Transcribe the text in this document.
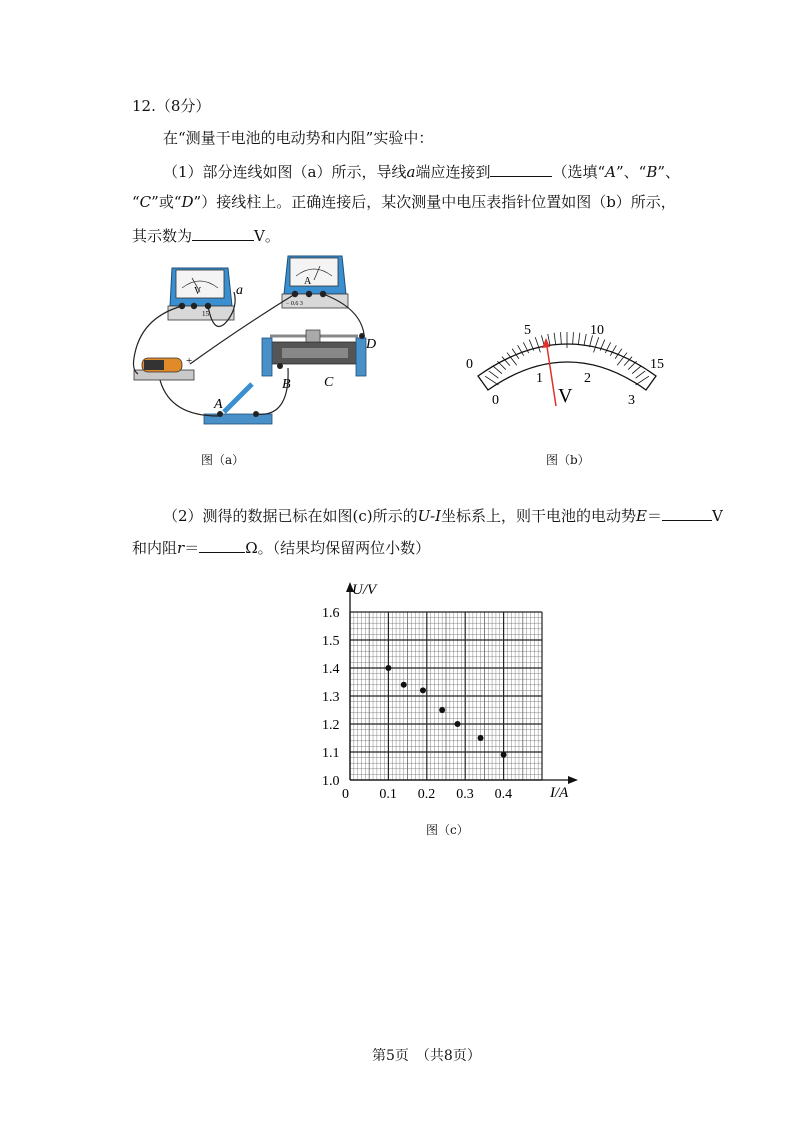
12.（8分）
在“测量干电池的电动势和内阻”实验中：
（1）部分连线如图（a）所示，导线a端应连接到	（选填“A”、“B”、
“C”或“D”）接线柱上。正确连接后，某次测量中电压表指针位置如图（b）所示，
其示数为	V。
15
V
A
− 0.6 3
a
+
B C
D
A
图（a）
0
5	10
15
0
1	2
3
V
图（b）
（2）测得的数据已标在如图(c)所示的U-I坐标系上，则干电池的电动势E＝	V
和内阻r＝	Ω。（结果均保留两位小数）
0.1 0.2 0.3 0.4
1.0
1.1
1.2
1.3
1.4
1.5
1.6
U/V
I/A
0
图（c）
第5页　（共8页）
